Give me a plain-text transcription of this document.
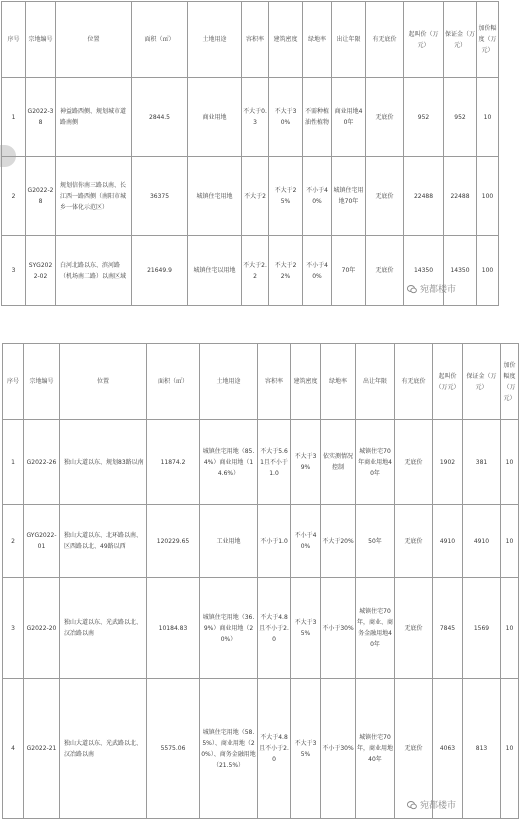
序号	宗地编号	位置	面积（㎡）	土地用途	容积率	建筑密度	绿地率	出让年限	有无底价	起叫价（万元）	保证金（万元）	加价幅度（万元）
1	G2022-38	神益路西侧、规划城市道路南侧	2844.5	商业用地	不大于0.3	不大于30%	不需种植油性植物	商业用地40年	无底价	952	952	10
2	G2022-28	规划信你南三路以南、长江西一路西侧（南阳市城乡一体化示范区）	36375	城镇住宅用地	不大于2	不大于25%	不小于40%	城镇住宅用地70年	无底价	22488	22488	100
3	SYG2022-02	白河北路以东、滨河路（机场南二路）以南区域	21649.9	城镇住宅以用地	不大于2.2	不大于22%	不小于40%	70年	无底价	14350	14350	100
宛都楼市
序号	宗地编号	位置	面积（㎡）	土地用途	容积率	建筑密度	绿地率	出让年限	有无底价	起叫价（万元）	保证金（万元）	加价幅度（万元）
1	G2022-26	独山大道以东、规划83路以南	11874.2	城镇住宅用地（85.4%）商业用地（14.6%）	不大于5.61且不小于1.0	不大于39%	依实测情况控制	城镇住宅70年商业用地40年	无底价	1902	381	10
2	GYG2022-01	独山大道以东、北环路以南、区西路以北、49路以西	120229.65	工业用地	不小于1.0	不小于40%	不大于20%	50年	无底价	4910	4910	10
3	G2022-20	独山大道以东、光武路以北、汉冶路以南	10184.83	城镇住宅用地（36.9%）商业用地（20%）	不大于4.8且不小于2.0	不大于35%	不小于30%	城镇住宅70年，商业、商务金融用地40年	无底价	7845	1569	10
4	G2022-21	独山大道以东、光武路以北、汉冶路以南	5575.06	城镇住宅用地（58.5%）、商业用地（20%）、商务金融用地（21.5%）	不大于4.8且不小于2.0	不大于35%	不小于30%	城镇住宅70年，商业用地40年	无底价	4063	813	10
宛都楼市
